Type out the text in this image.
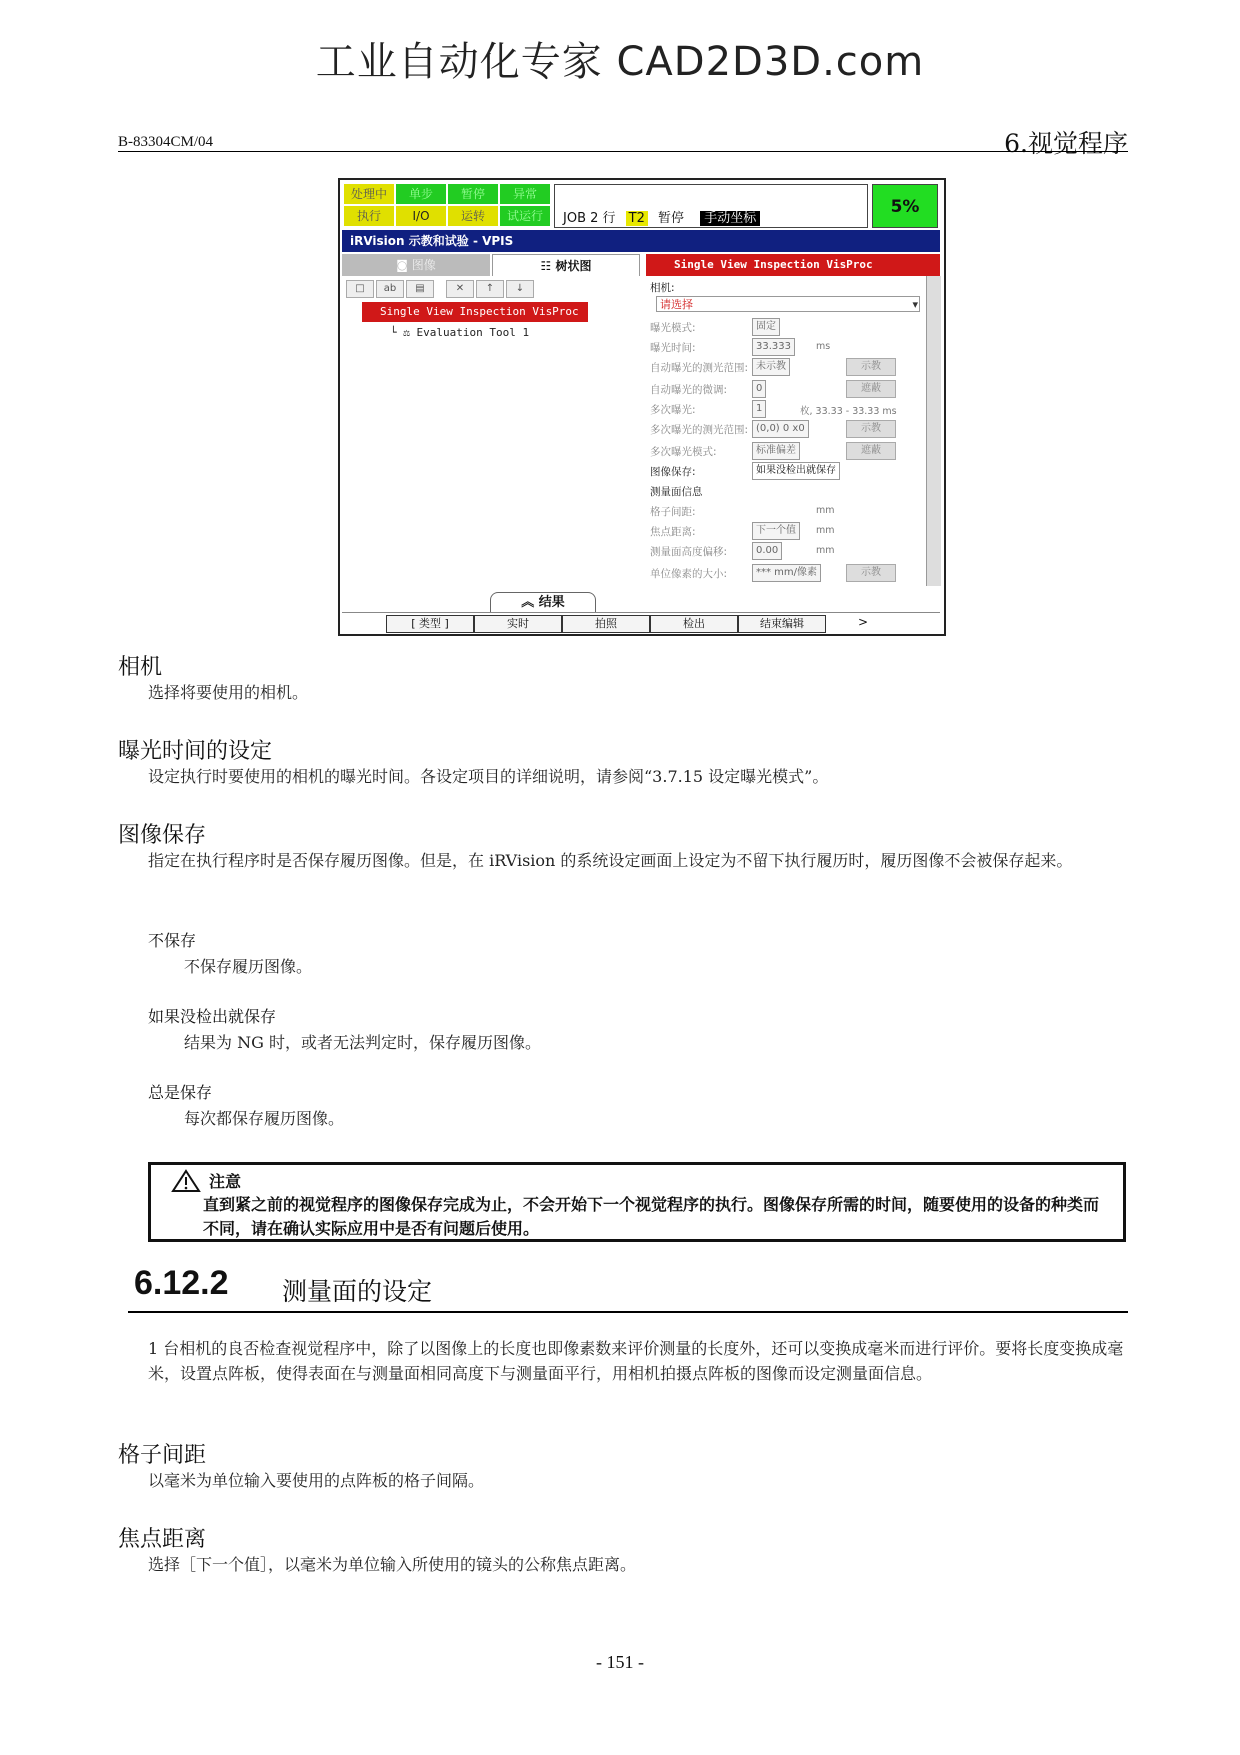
工业自动化专家 CAD2D3D.com
B-83304CM/04	6.视觉程序
处理中	单步	暂停	异常
执行	I/O	运转	试运行	JOB 2 行 T2 暂停 手动坐标
5%
iRVision 示教和试验 - VPIS
◙ 图像	☷ 树状图
□	ab	▤	✕	↑	↓
Single View Inspection VisProc
└ ⚖ Evaluation Tool 1
︽ 结果
Single View Inspection VisProc
相机:
请选择	▾
曝光模式:	固定
曝光时间:	33.333	ms
自动曝光的测光范围: 未示教	示教
自动曝光的微调:	0	遮蔽
多次曝光:	1	枚, 33.33 - 33.33 ms
多次曝光的测光范围: (0,0) 0 x0	示教
多次曝光模式:	标准偏差	遮蔽
图像保存:	如果没检出就保存
测量面信息
格子间距:	mm
焦点距离:	下一个值	mm
测量面高度偏移:	0.00	mm
单位像素的大小:	*** mm/像素	示教
[ 类型 ]	实时	拍照	检出	结束编辑	>
相机
选择将要使用的相机。
曝光时间的设定
设定执行时要使用的相机的曝光时间。各设定项目的详细说明，请参阅“3.7.15 设定曝光模式”。
图像保存
指定在执行程序时是否保存履历图像。但是，在 iRVision 的系统设定画面上设定为不留下执行履历时，履历图像不会被保存起来。
不保存
不保存履历图像。
如果没检出就保存
结果为 NG 时，或者无法判定时，保存履历图像。
总是保存
每次都保存履历图像。
注意
直到紧之前的视觉程序的图像保存完成为止，不会开始下一个视觉程序的执行。图像保存所需的时间，随要使用的设备的种类而不同，请在确认实际应用中是否有问题后使用。
6.12.2 测量面的设定
1 台相机的良否检查视觉程序中，除了以图像上的长度也即像素数来评价测量的长度外，还可以变换成毫米而进行评价。要将长度变换成毫米，设置点阵板，使得表面在与测量面相同高度下与测量面平行，用相机拍摄点阵板的图像而设定测量面信息。
格子间距
以毫米为单位输入要使用的点阵板的格子间隔。
焦点距离
选择［下一个值］，以毫米为单位输入所使用的镜头的公称焦点距离。
- 151 -
